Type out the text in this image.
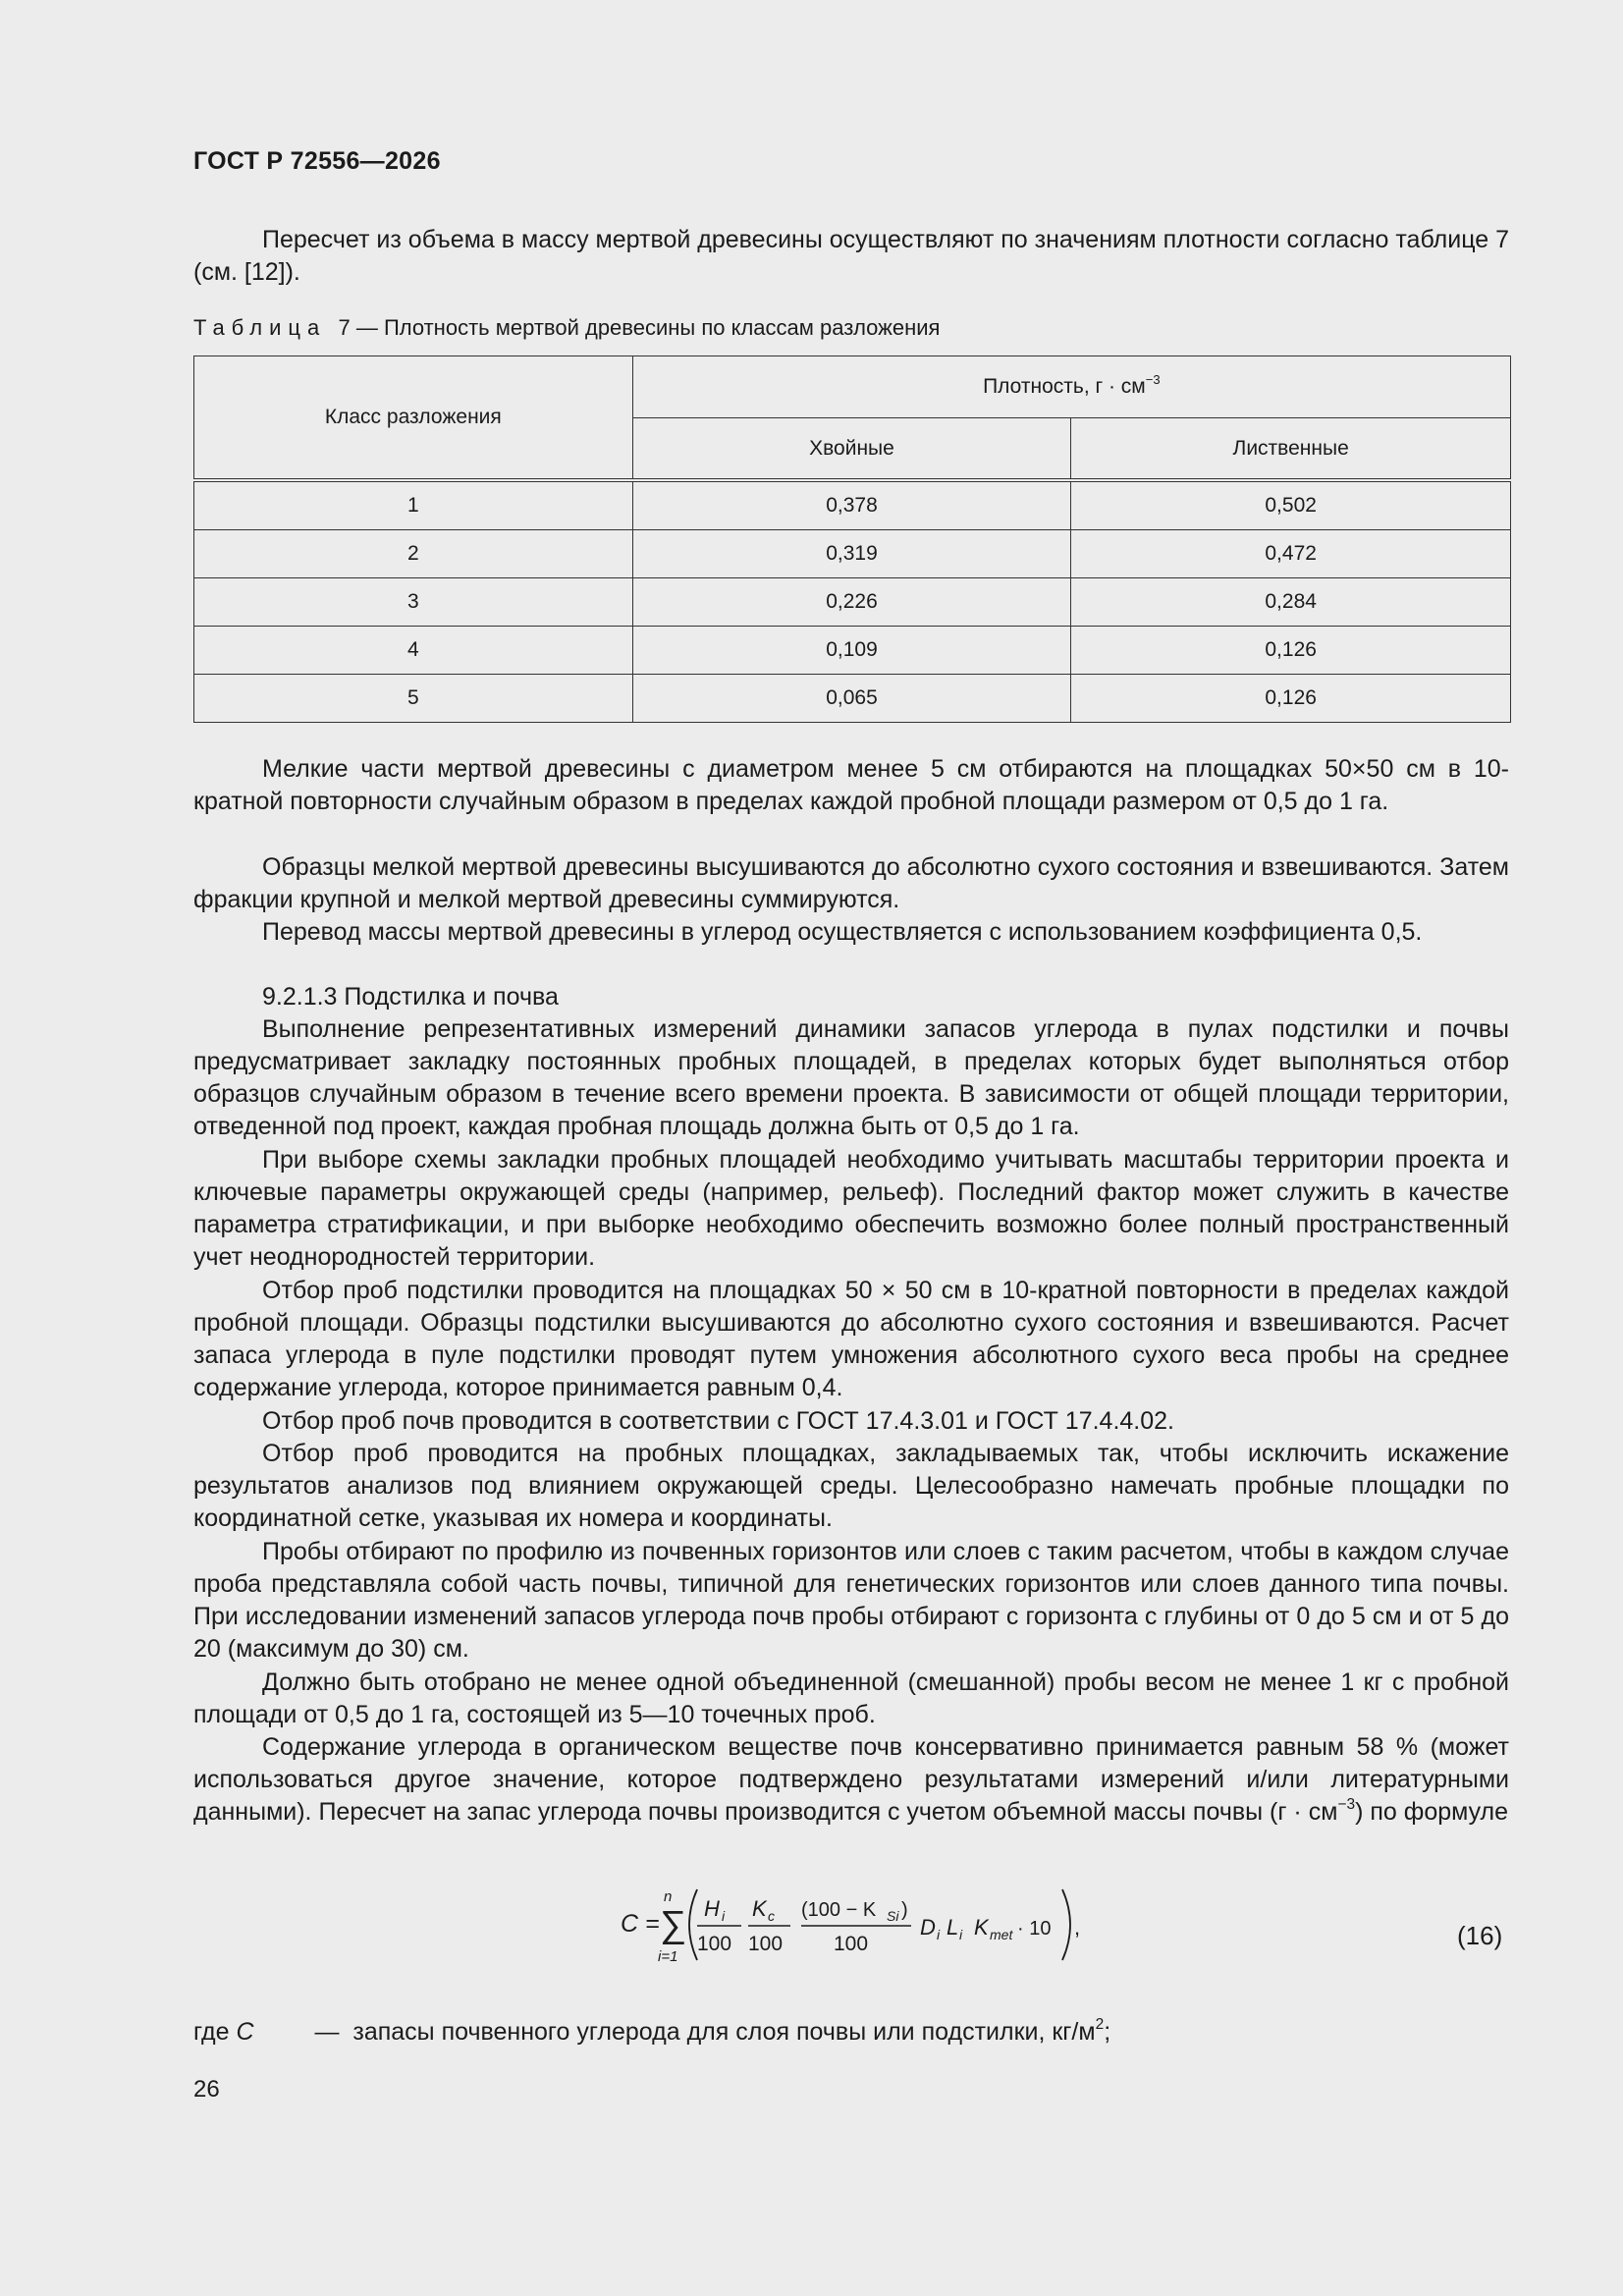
ГОСТ Р 72556—2026
Пересчет из объема в массу мертвой древесины осуществляют по значениям плотности согласно таблице 7 (см. [12]).
Таблица 7 — Плотность мертвой древесины по классам разложения
Класс разложения	Плотность, $г \cdot см^{-3}$
	Хвойные	Лиственные
1	0,378	0,502
2	0,319	0,472
3	0,226	0,284
4	0,109	0,126
5	0,065	0,126
Мелкие части мертвой древесины с диаметром менее 5 см отбираются на площадках 50×50 см в 10-кратной повторности случайным образом в пределах каждой пробной площади размером от 0,5 до 1 га.
Образцы мелкой мертвой древесины высушиваются до абсолютно сухого состояния и взвешиваются. Затем фракции крупной и мелкой мертвой древесины суммируются.
Перевод массы мертвой древесины в углерод осуществляется с использованием коэффициента 0,5.
9.2.1.3 Подстилка и почва
Выполнение репрезентативных измерений динамики запасов углерода в пулах подстилки и почвы предусматривает закладку постоянных пробных площадей, в пределах которых будет выполняться отбор образцов случайным образом в течение всего времени проекта. В зависимости от общей площади территории, отведенной под проект, каждая пробная площадь должна быть от 0,5 до 1 га.
При выборе схемы закладки пробных площадей необходимо учитывать масштабы территории проекта и ключевые параметры окружающей среды (например, рельеф). Последний фактор может служить в качестве параметра стратификации, и при выборке необходимо обеспечить возможно более полный пространственный учет неоднородностей территории.
Отбор проб подстилки проводится на площадках 50 × 50 см в 10-кратной повторности в пределах каждой пробной площади. Образцы подстилки высушиваются до абсолютно сухого состояния и взвешиваются. Расчет запаса углерода в пуле подстилки проводят путем умножения абсолютного сухого веса пробы на среднее содержание углерода, которое принимается равным 0,4.
Отбор проб почв проводится в соответствии с ГОСТ 17.4.3.01 и ГОСТ 17.4.4.02.
Отбор проб проводится на пробных площадках, закладываемых так, чтобы исключить искажение результатов анализов под влиянием окружающей среды. Целесообразно намечать пробные площадки по координатной сетке, указывая их номера и координаты.
Пробы отбирают по профилю из почвенных горизонтов или слоев с таким расчетом, чтобы в каждом случае проба представляла собой часть почвы, типичной для генетических горизонтов или слоев данного типа почвы. При исследовании изменений запасов углерода почв пробы отбирают с горизонта с глубины от 0 до 5 см и от 5 до 20 (максимум до 30) см.
Должно быть отобрано не менее одной объединенной (смешанной) пробы весом не менее 1 кг с пробной площади от 0,5 до 1 га, состоящей из 5—10 точечных проб.
Содержание углерода в органическом веществе почв консервативно принимается равным 58 % (может использоваться другое значение, которое подтверждено результатами измерений и/или литературными данными). Пересчет на запас углерода почвы производится с учетом объемной массы почвы $(г \cdot см^{-3})$ по формуле
C =
n
∑
i=1
H i
100
K c
100
(100 − K Si )
100
D i L i K met · 10 ,	(16)
где C — запасы почвенного углерода для слоя почвы или подстилки, $кг/м^2$;
26
